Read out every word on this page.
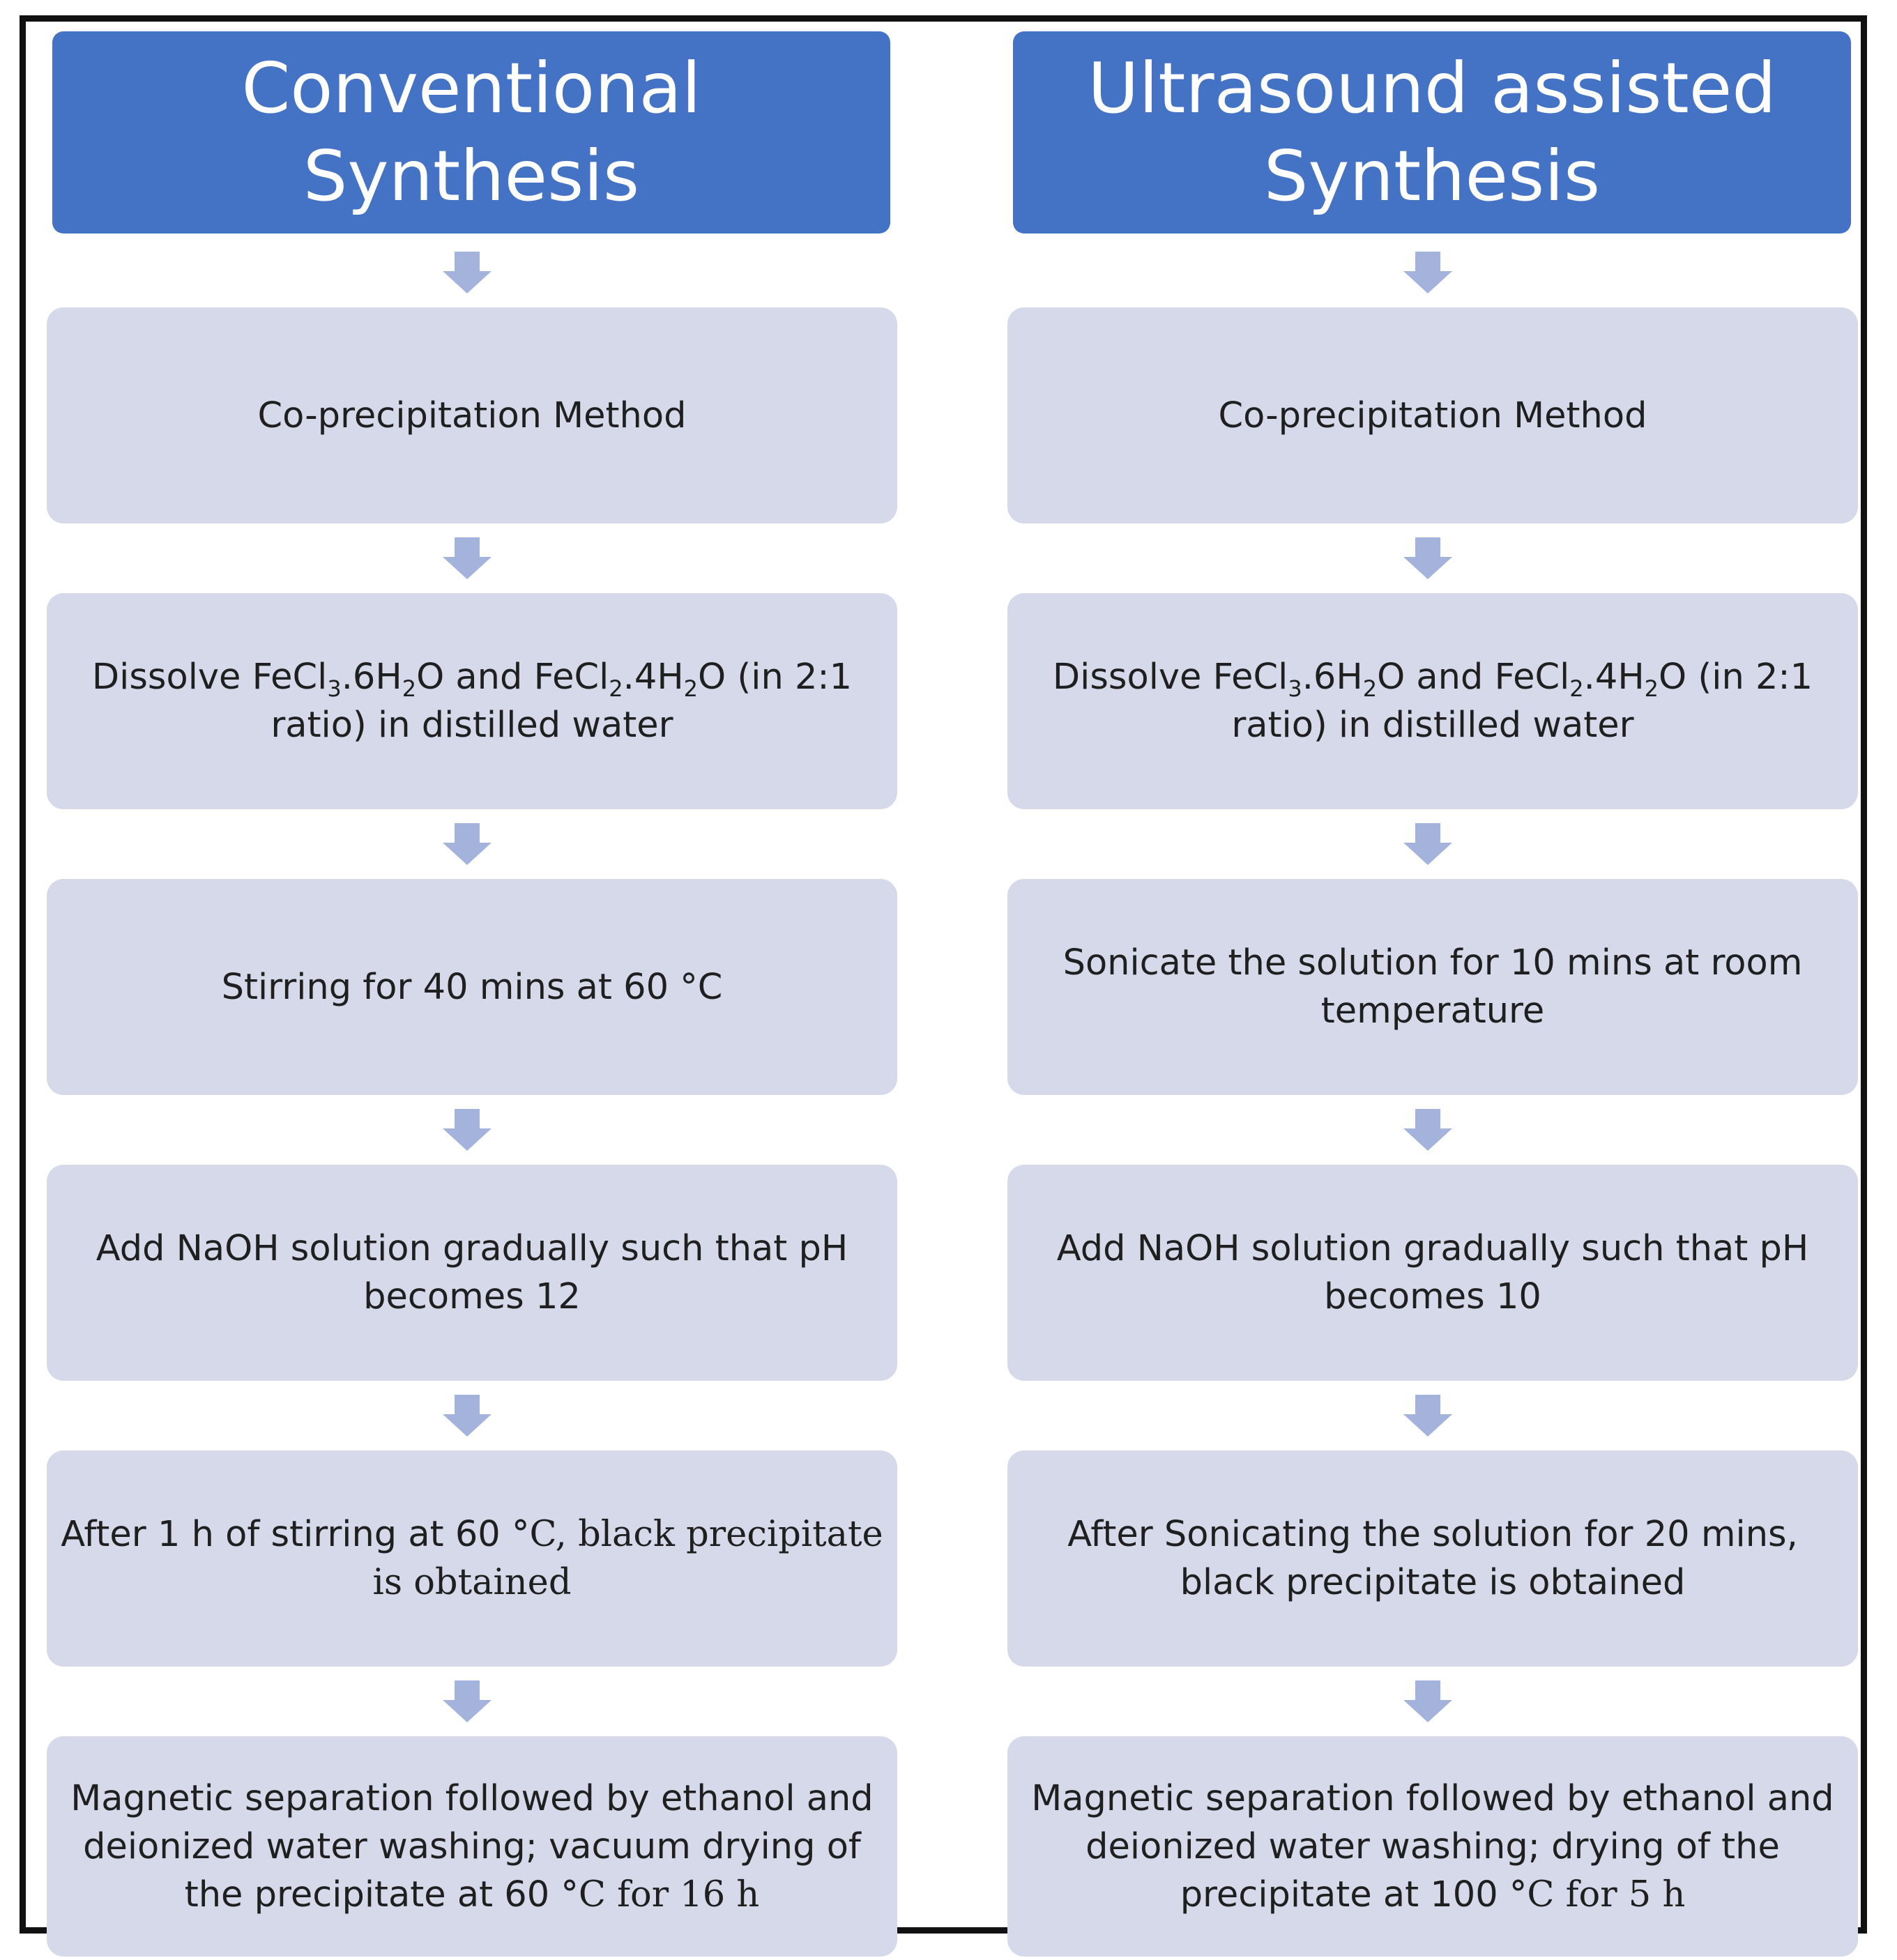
Conventional Synthesis
Co-precipitation Method
Dissolve $FeCl_3.6H_2O$ and $FeCl_2.4H_2O$ (in 2:1 ratio) in distilled water
Stirring for 40 mins at 60 °C
Add NaOH solution gradually such that pH becomes 12
After 1 h of stirring at 60 °C, black precipitate is obtained
Magnetic separation followed by ethanol and deionized water washing; vacuum drying of the precipitate at 60 °C for 16 h
Ultrasound assisted Synthesis
Co-precipitation Method
Dissolve $FeCl_3.6H_2O$ and $FeCl_2.4H_2O$ (in 2:1 ratio) in distilled water
Sonicate the solution for 10 mins at room temperature
Add NaOH solution gradually such that pH becomes 10
After Sonicating the solution for 20 mins, black precipitate is obtained
Magnetic separation followed by ethanol and deionized water washing; drying of the precipitate at 100 °C for 5 h
